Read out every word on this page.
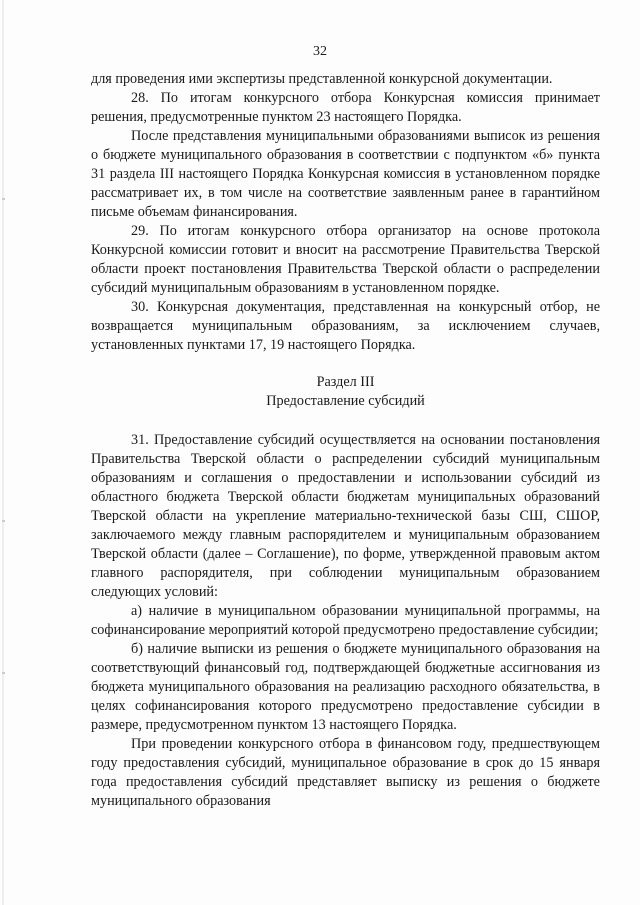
32

для проведения ими экспертизы представленной конкурсной документации.

28. По итогам конкурсного отбора Конкурсная комиссия принимает решения, предусмотренные пунктом 23 настоящего Порядка.

После представления муниципальными образованиями выписок из решения о бюджете муниципального образования в соответствии с подпунктом «б» пункта 31 раздела III настоящего Порядка Конкурсная комиссия в установленном порядке рассматривает их, в том числе на соответствие заявленным ранее в гарантийном письме объемам финансирования.

29. По итогам конкурсного отбора организатор на основе протокола Конкурсной комиссии готовит и вносит на рассмотрение Правительства Тверской области проект постановления Правительства Тверской области о распределении субсидий муниципальным образованиям в установленном порядке.

30. Конкурсная документация, представленная на конкурсный отбор, не возвращается муниципальным образованиям, за исключением случаев, установленных пунктами 17, 19 настоящего Порядка.

Раздел III
Предоставление субсидий

31. Предоставление субсидий осуществляется на основании постановления Правительства Тверской области о распределении субсидий муниципальным образованиям и соглашения о предоставлении и использовании субсидий из областного бюджета Тверской области бюджетам муниципальных образований Тверской области на укрепление материально-технической базы СШ, СШОР, заключаемого между главным распорядителем и муниципальным образованием Тверской области (далее – Соглашение), по форме, утвержденной правовым актом главного распорядителя, при соблюдении муниципальным образованием следующих условий:

а) наличие в муниципальном образовании муниципальной программы, на софинансирование мероприятий которой предусмотрено предоставление субсидии;

б) наличие выписки из решения о бюджете муниципального образования на соответствующий финансовый год, подтверждающей бюджетные ассигнования из бюджета муниципального образования на реализацию расходного обязательства, в целях софинансирования которого предусмотрено предоставление субсидии в размере, предусмотренном пунктом 13 настоящего Порядка.

При проведении конкурсного отбора в финансовом году, предшествующем году предоставления субсидий, муниципальное образование в срок до 15 января года предоставления субсидий представляет выписку из решения о бюджете муниципального образования
